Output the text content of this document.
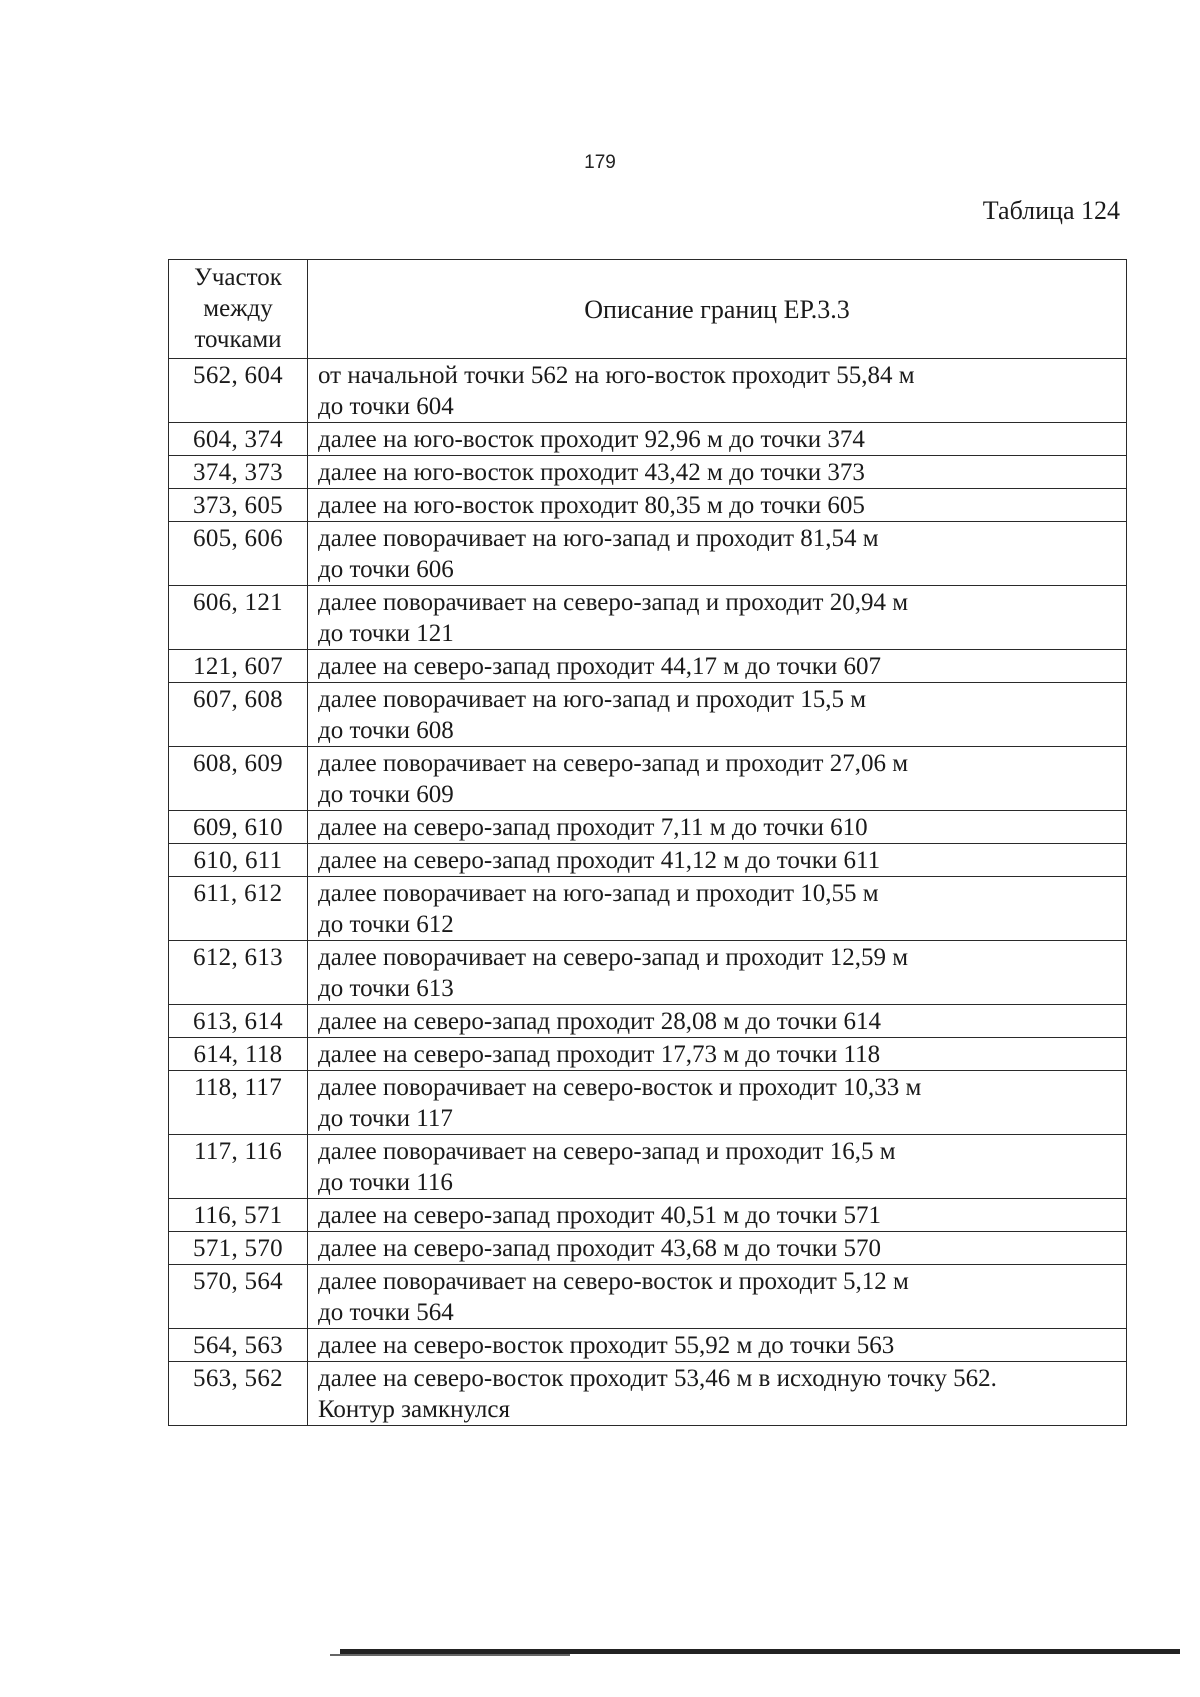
179
Таблица 124
Участок
между
точками	Описание границ ЕР.3.3
562, 604	от начальной точки 562 на юго-восток проходит 55,84 м
до точки 604

604, 374	далее на юго-восток проходит 92,96 м до точки 374

374, 373	далее на юго-восток проходит 43,42 м до точки 373

373, 605	далее на юго-восток проходит 80,35 м до точки 605

605, 606	далее поворачивает на юго-запад и проходит 81,54 м
до точки 606

606, 121	далее поворачивает на северо-запад и проходит 20,94 м
до точки 121

121, 607	далее на северо-запад проходит 44,17 м до точки 607

607, 608	далее поворачивает на юго-запад и проходит 15,5 м
до точки 608

608, 609	далее поворачивает на северо-запад и проходит 27,06 м
до точки 609

609, 610	далее на северо-запад проходит 7,11 м до точки 610

610, 611	далее на северо-запад проходит 41,12 м до точки 611

611, 612	далее поворачивает на юго-запад и проходит 10,55 м
до точки 612

612, 613	далее поворачивает на северо-запад и проходит 12,59 м
до точки 613

613, 614	далее на северо-запад проходит 28,08 м до точки 614

614, 118	далее на северо-запад проходит 17,73 м до точки 118

118, 117	далее поворачивает на северо-восток и проходит 10,33 м
до точки 117

117, 116	далее поворачивает на северо-запад и проходит 16,5 м
до точки 116

116, 571	далее на северо-запад проходит 40,51 м до точки 571

571, 570	далее на северо-запад проходит 43,68 м до точки 570

570, 564	далее поворачивает на северо-восток и проходит 5,12 м
до точки 564

564, 563	далее на северо-восток проходит 55,92 м до точки 563

563, 562	далее на северо-восток проходит 53,46 м в исходную точку 562.
Контур замкнулся
